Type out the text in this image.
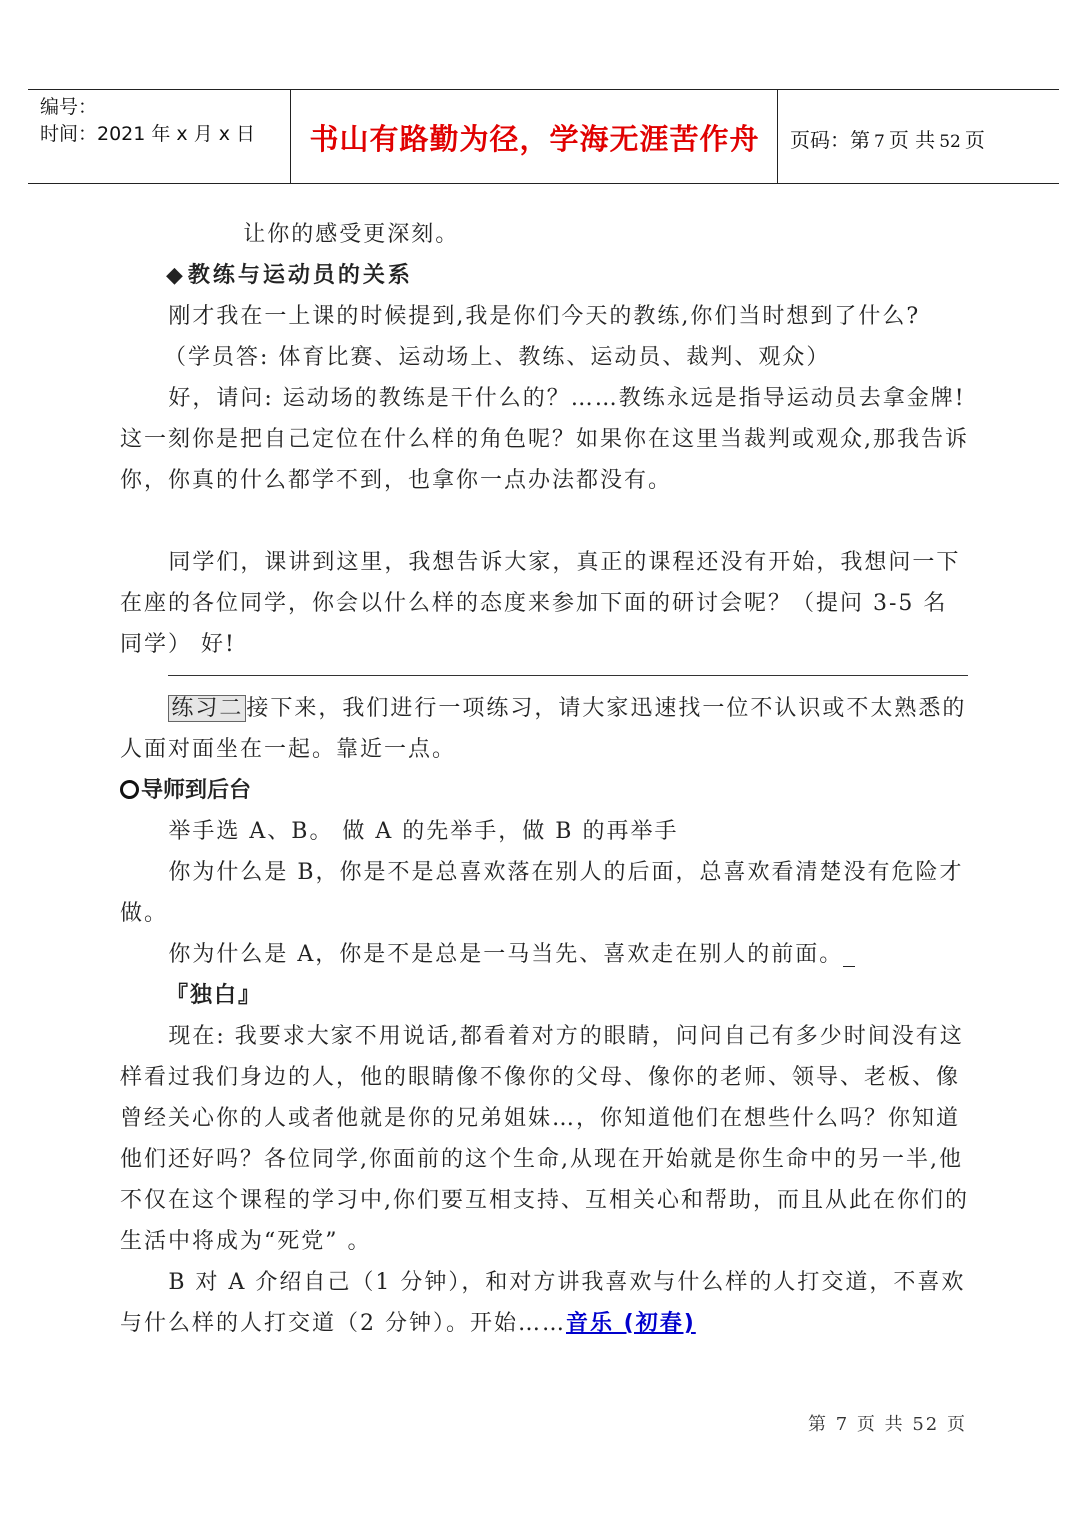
编号：
时间：2021 年 x 月 x 日	书山有路勤为径，学海无涯苦作舟	页码：第 7 页 共 52 页

让你的感受更深刻。

◆教练与运动员的关系

刚才我在一上课的时候提到,我是你们今天的教练,你们当时想到了什么?

（学员答: 体育比赛、运动场上、教练、运动员、裁判、观众）

好，请问: 运动场的教练是干什么的？……教练永远是指导运动员去拿金牌!这一刻你是把自己定位在什么样的角色呢？如果你在这里当裁判或观众,那我告诉你，你真的什么都学不到，也拿你一点办法都没有。

同学们，课讲到这里，我想告诉大家，真正的课程还没有开始，我想问一下在座的各位同学，你会以什么样的态度来参加下面的研讨会呢？（提问 3-5 名同学） 好!

练习二 接下来，我们进行一项练习，请大家迅速找一位不认识或不太熟悉的人面对面坐在一起。靠近一点。

导师到后台

举手选 A、B。 做 A 的先举手，做 B 的再举手

你为什么是 B，你是不是总喜欢落在别人的后面，总喜欢看清楚没有危险才做。

你为什么是 A，你是不是总是一马当先、喜欢走在别人的前面。

『独白』

现在: 我要求大家不用说话,都看着对方的眼睛，问问自己有多少时间没有这样看过我们身边的人，他的眼睛像不像你的父母、像你的老师、领导、老板、像曾经关心你的人或者他就是你的兄弟姐妹…，你知道他们在想些什么吗？你知道他们还好吗？各位同学,你面前的这个生命,从现在开始就是你生命中的另一半,他不仅在这个课程的学习中,你们要互相支持、互相关心和帮助，而且从此在你们的生活中将成为“死党” 。

B 对 A 介绍自己（1 分钟），和对方讲我喜欢与什么样的人打交道，不喜欢与什么样的人打交道（2 分钟）。开始……音乐 (初春)

第 7 页 共 52 页
